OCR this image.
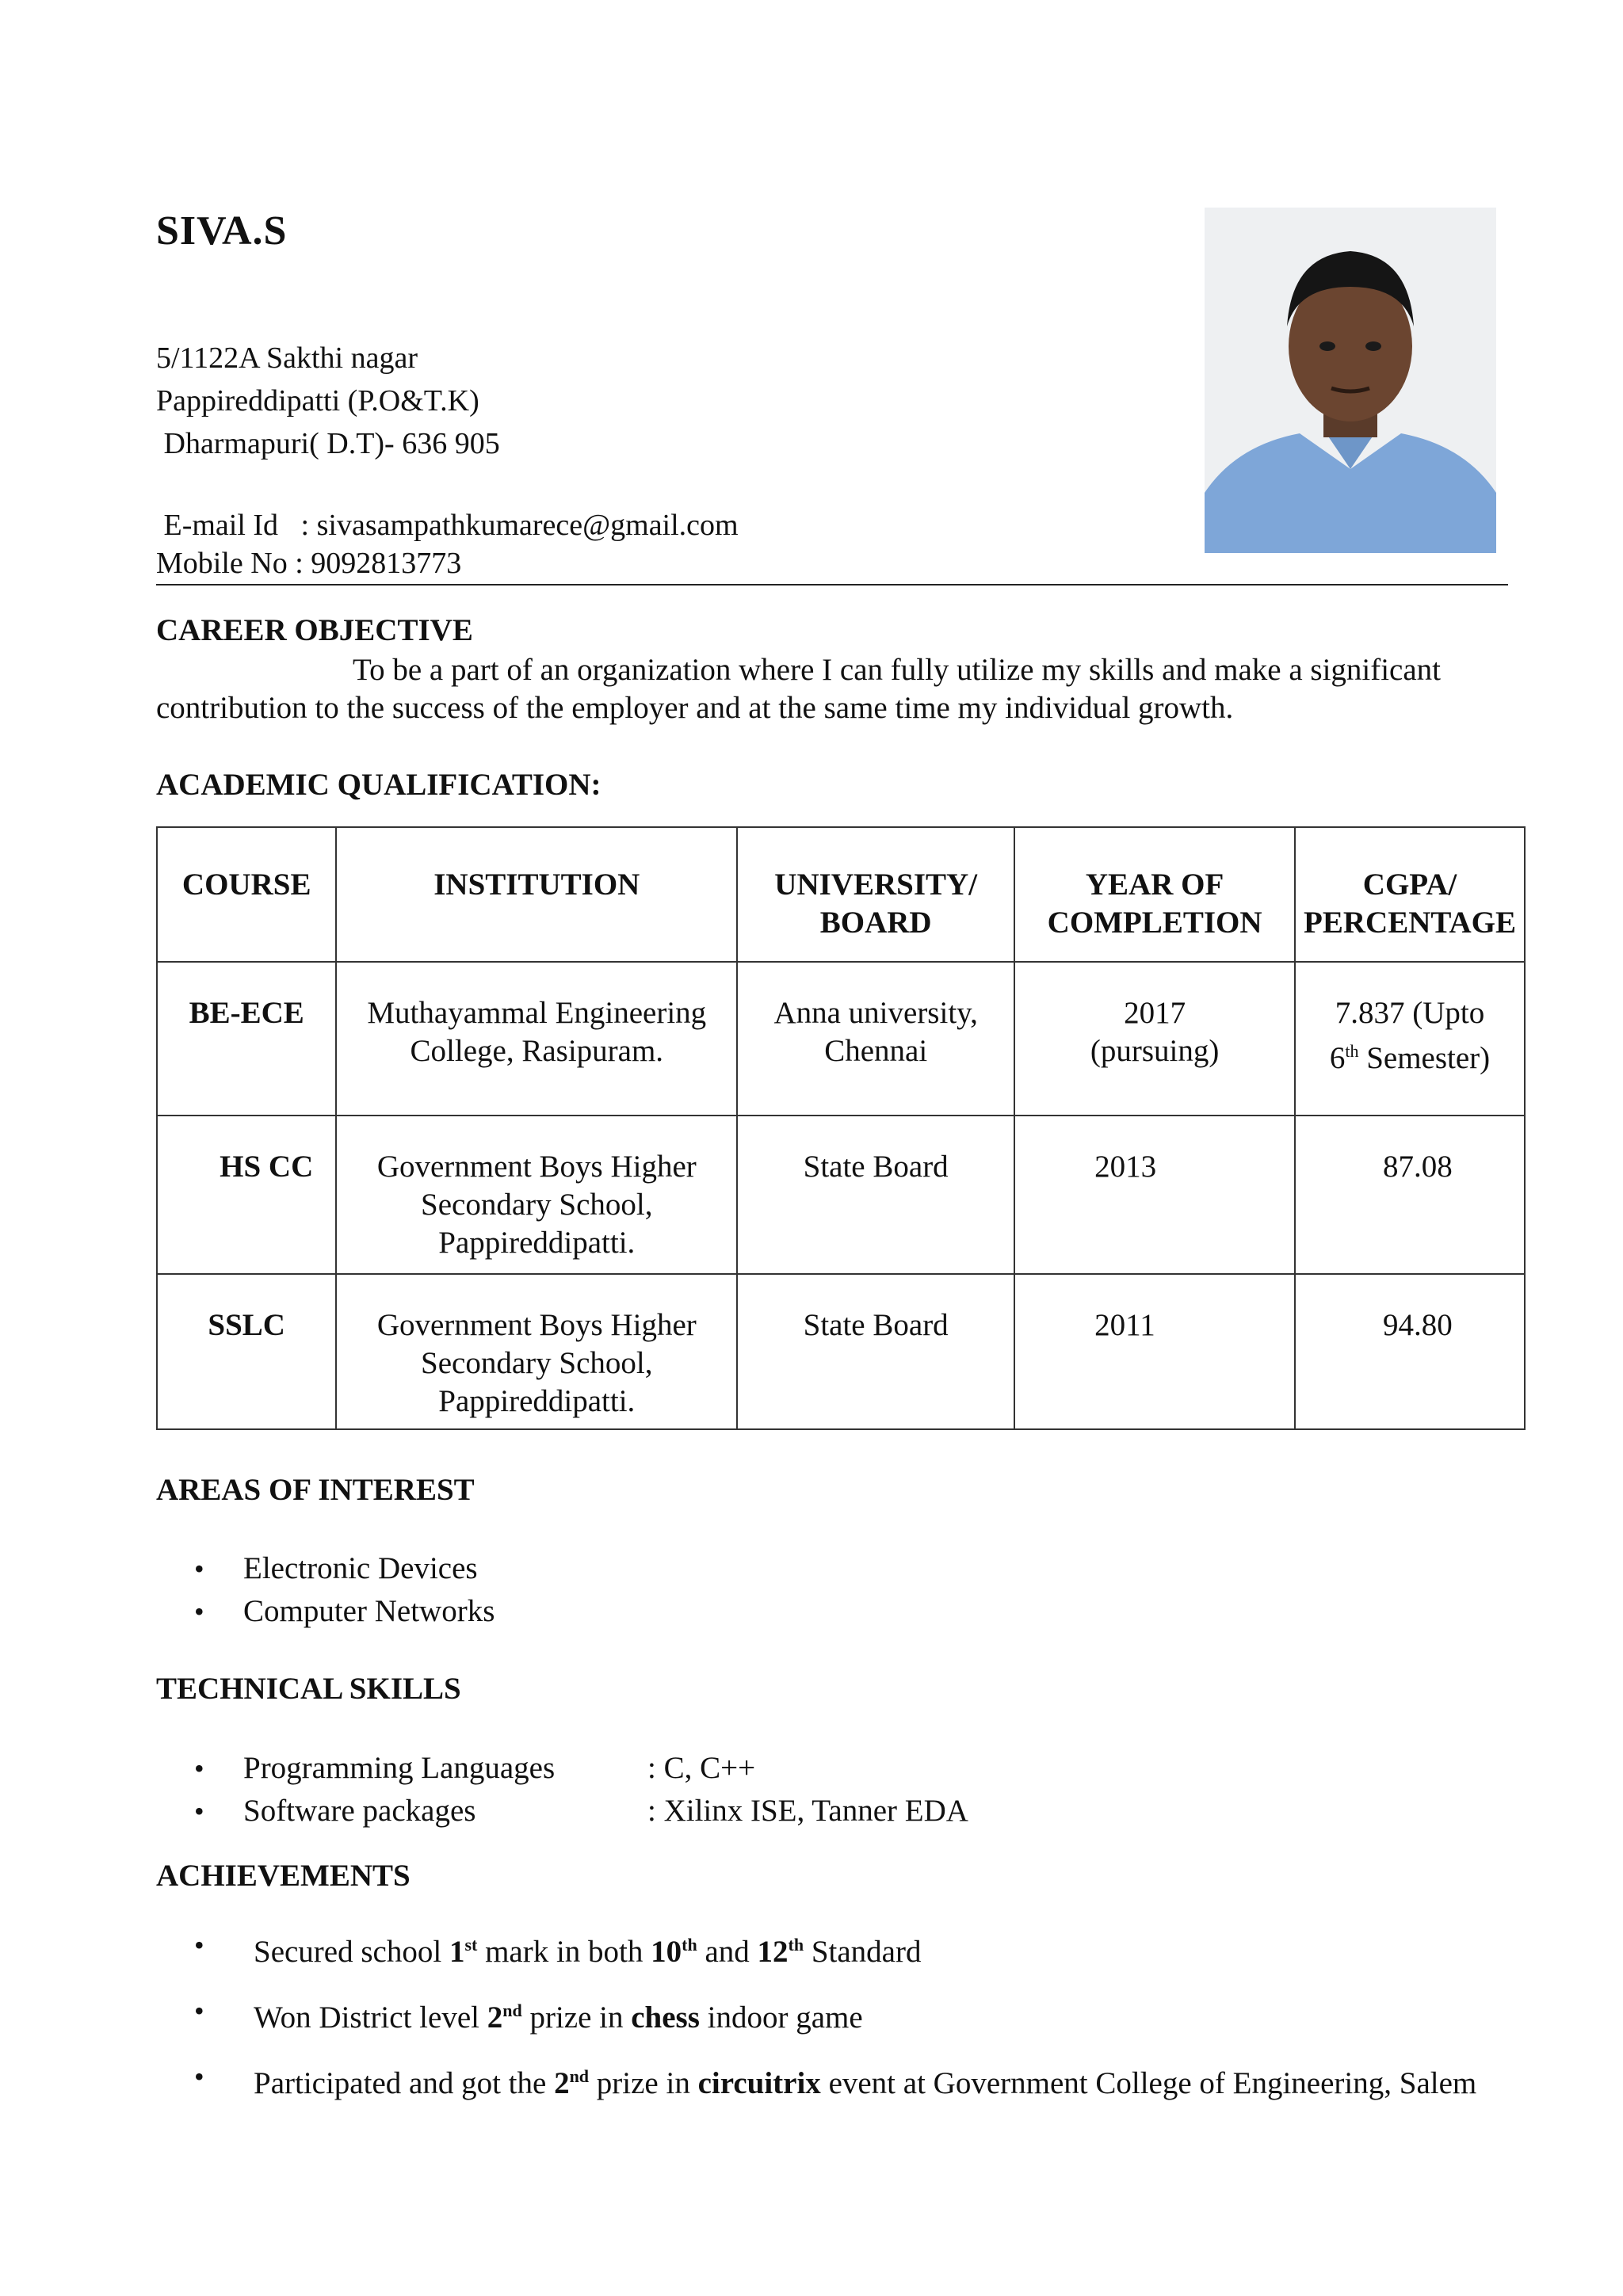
SIVA.S
5/1122A Sakthi nagar
Pappireddipatti (P.O&T.K)
Dharmapuri( D.T)- 636 905
E-mail Id   : sivasampathkumarece@gmail.com
Mobile No : 9092813773
CAREER OBJECTIVE
To be a part of an organization where I can fully utilize my skills and make a significant contribution to the success of the employer and at the same time my individual growth.
ACADEMIC QUALIFICATION:
COURSE	INSTITUTION	UNIVERSITY/ BOARD	YEAR OF COMPLETION	CGPA/ PERCENTAGE
BE-ECE	Muthayammal Engineering College, Rasipuram.	Anna university, Chennai	2017 (pursuing)	7.837 (Upto 6th Semester)
HS CC	Government Boys Higher Secondary School, Pappireddipatti.	State Board	2013	87.08
SSLC	Government Boys Higher Secondary School, Pappireddipatti.	State Board	2011	94.80
AREAS OF INTEREST
• Electronic Devices
• Computer Networks
TECHNICAL SKILLS
• Programming Languages	: C, C++
• Software packages	: Xilinx ISE, Tanner EDA
ACHIEVEMENTS
• Secured school 1st mark in both 10th and 12th Standard
• Won District level 2nd prize in chess indoor game
• Participated and got the 2nd prize in circuitrix event at Government College of Engineering, Salem
